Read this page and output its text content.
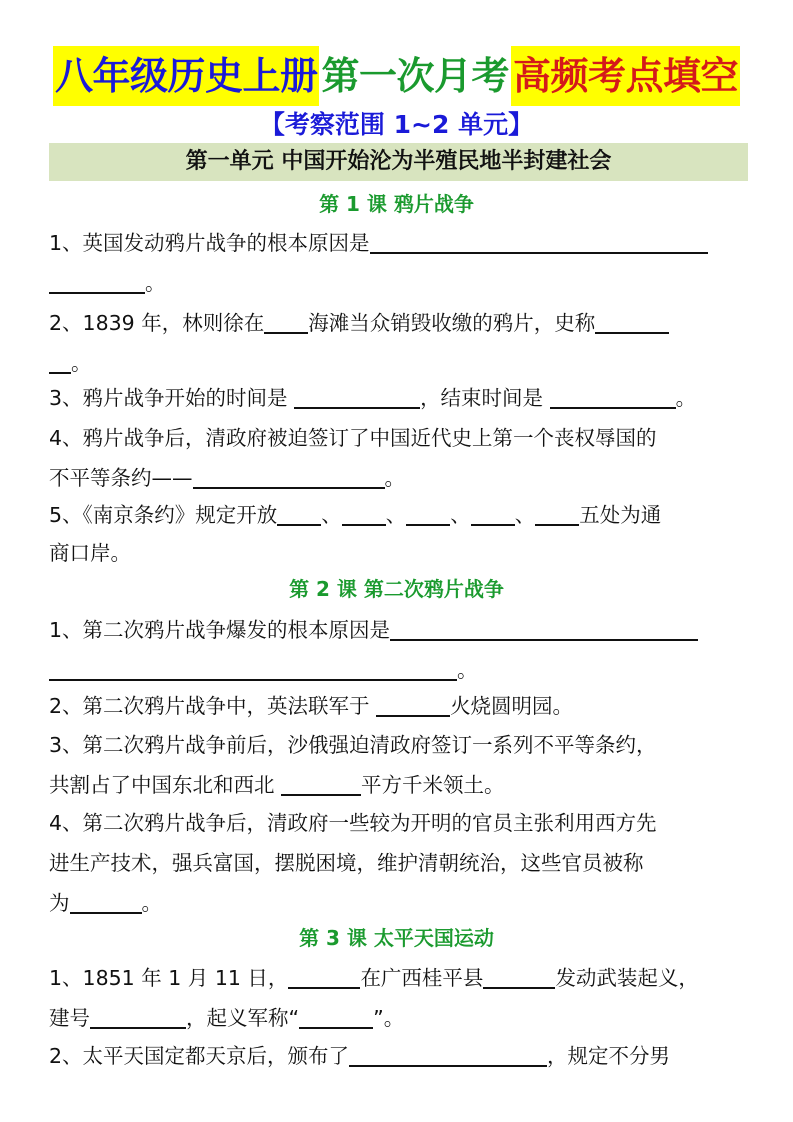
八年级历史上册 第一次月考 高频考点填空
【考察范围 1~2 单元】
第一单元 中国开始沦为半殖民地半封建社会
第 1 课 鸦片战争
1、英国发动鸦片战争的根本原因是
。
2、1839 年，林则徐在 海滩当众销毁收缴的鸦片，史称
。
3、鸦片战争开始的时间是	，结束时间是	。
4、鸦片战争后，清政府被迫签订了中国近代史上第一个丧权辱国的
不平等条约——	。
5、《南京条约》规定开放 、 、 、 、 五处为通
商口岸。
第 2 课 第二次鸦片战争
1、第二次鸦片战争爆发的根本原因是
。
2、第二次鸦片战争中，英法联军于	火烧圆明园。
3、第二次鸦片战争前后，沙俄强迫清政府签订一系列不平等条约，
共割占了中国东北和西北	平方千米领土。
4、第二次鸦片战争后，清政府一些较为开明的官员主张利用西方先
进生产技术，强兵富国，摆脱困境，维护清朝统治，这些官员被称
为	。
第 3 课 太平天国运动
1、1851 年 1 月 11 日，	在广西桂平县	发动武装起义，
建号	，起义军称“	”。
2、太平天国定都天京后，颁布了	，规定不分男
